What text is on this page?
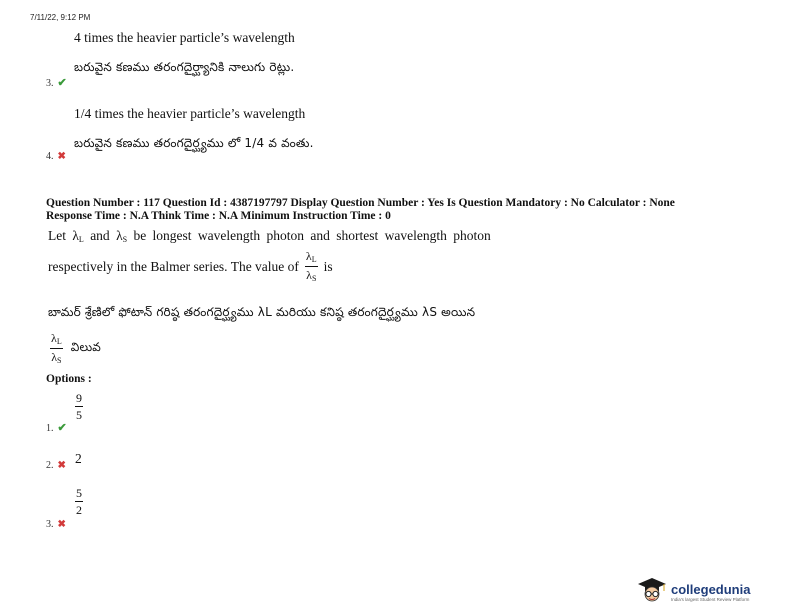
7/11/22, 9:12 PM
4 times the heavier particle’s wavelength
బరువైన కణము తరంగదైర్ఘ్యానికి నాలుగు రెట్లు.
3. ✔
1/4 times the heavier particle’s wavelength
బరువైన కణము తరంగదైర్ఘ్యము లో 1/4 వ వంతు.
4. ✖
Question Number : 117 Question Id : 4387197797 Display Question Number : Yes Is Question Mandatory : No Calculator : None
Response Time : N.A Think Time : N.A Minimum Instruction Time : 0
Let $\lambda_L$ and $\lambda_S$ be longest wavelength photon and shortest wavelength photon
respectively in the Balmer series. The value of $\frac{\lambda_L}{\lambda_S}$ is
బామర్ శ్రేణిలో ఫోటాన్ గరిష్ఠ తరంగదైర్ఘ్యము λL మరియు కనిష్ఠ తరంగదైర్ఘ్యము λS అయిన
$\frac{\lambda_L}{\lambda_S}$ విలువ
Options :
1. ✔
$\frac{9}{5}$
2. ✖ 2
3. ✖
$\frac{5}{2}$
collegedunia
India's largest Student Review Platform
